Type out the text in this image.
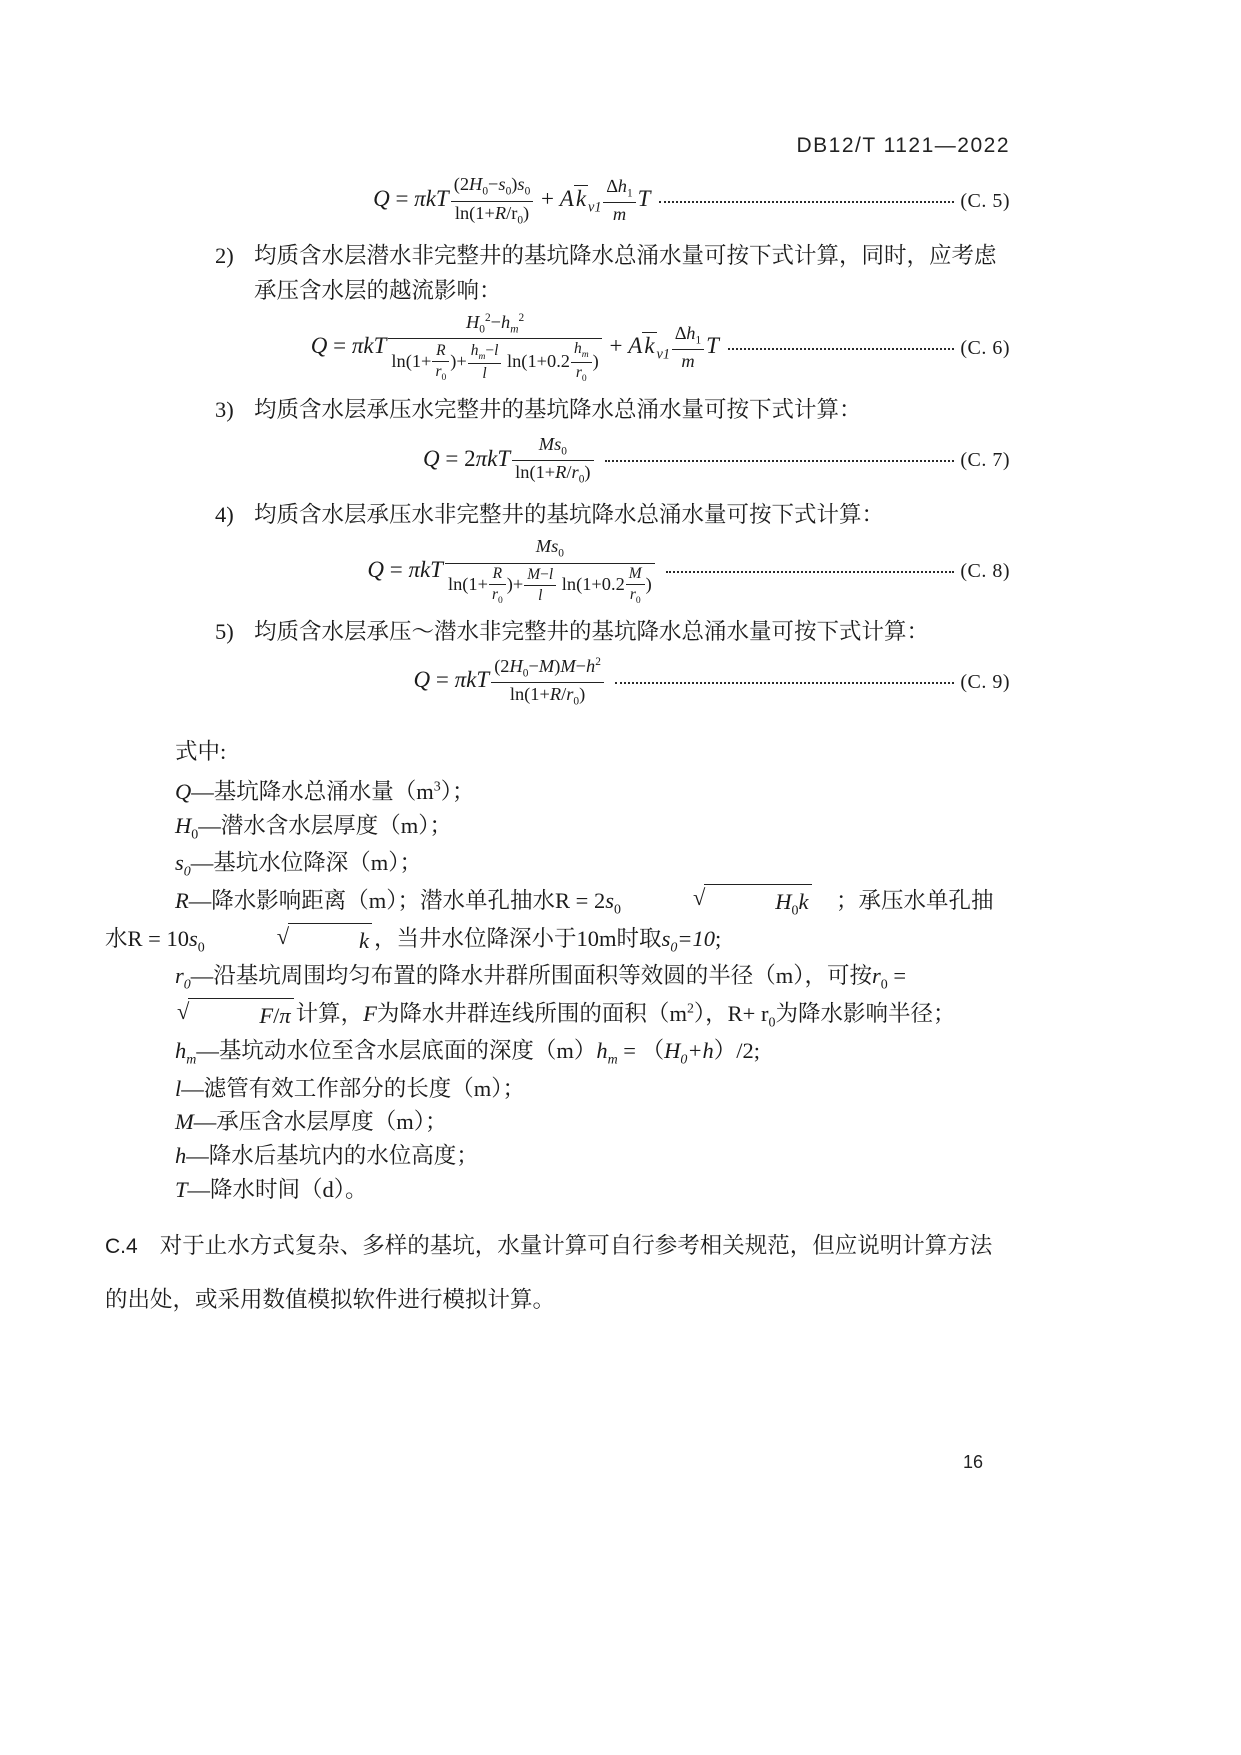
DB12/T 1121—2022
Q = πkT $\frac{(2H_0-s_0)s_0}{\ln(1+R/r_0)} + Ak$ $_{v1} \frac{\Delta h_1}{m}$ T	(C. 5)
2) 均质含水层潜水非完整井的基坑降水总涌水量可按下式计算，同时，应考虑承压含水层的越流影响：
Q = πkT
$H_0^2-h_m^2$
$\ln(1+ \frac{R}{r_0}$ )+ $\frac{h_m-l}{l} \ln(1+0.2 \frac{h_m}{r_0}$ )
+ Ak $_{v1} \frac{\Delta h_1}{m}$ T	(C. 6)
3) 均质含水层承压水完整井的基坑降水总涌水量可按下式计算：
$Q = 2\pi kT \frac{Ms_0}{\ln(1+R/r_0)}$	(C. 7)
4) 均质含水层承压水非完整井的基坑降水总涌水量可按下式计算：
Q = πkT $\frac{Ms_0}{\ln(1+ \frac{R}{r_0} )+ \frac{M-l}{l} \ln(1+0.2 \frac{M}{r_0} )}$	(C. 8)
5) 均质含水层承压～潜水非完整井的基坑降水总涌水量可按下式计算：
Q = πkT $\frac{(2H_0-M)M-h^2}{\ln(1+R/r_0)}$	(C. 9)

式中:

Q—基坑降水总涌水量$(m^3)$；

$H_0—$潜水含水层厚度（m）；

$s_0—$基坑水位降深（m）；

R—降水影响距离（m）；潜水单孔抽水$R = 2s_0$
√	$H_0k$ 　；承压水单孔抽水$R = 10s_0$	√	k ，当井水位降深小于10m时取$s_0=10$;

$r_0—$沿基坑周围均匀布置的降水井群所围面积等效圆的半径（m），可按$r_0$ =
√	F/π 计算，F为降水井群连线所围的面积$(m^2)$，$R+ r_0$为降水影响半径；

$h_m—$基坑动水位至含水层底面的深度$(m)h_m = (H_0+h)/2$;

l—滤管有效工作部分的长度（m）；

M—承压含水层厚度（m）；

h—降水后基坑内的水位高度；

T—降水时间（d）。

C.4 对于止水方式复杂、多样的基坑，水量计算可自行参考相关规范，但应说明计算方法的出处，或采用数值模拟软件进行模拟计算。

16
